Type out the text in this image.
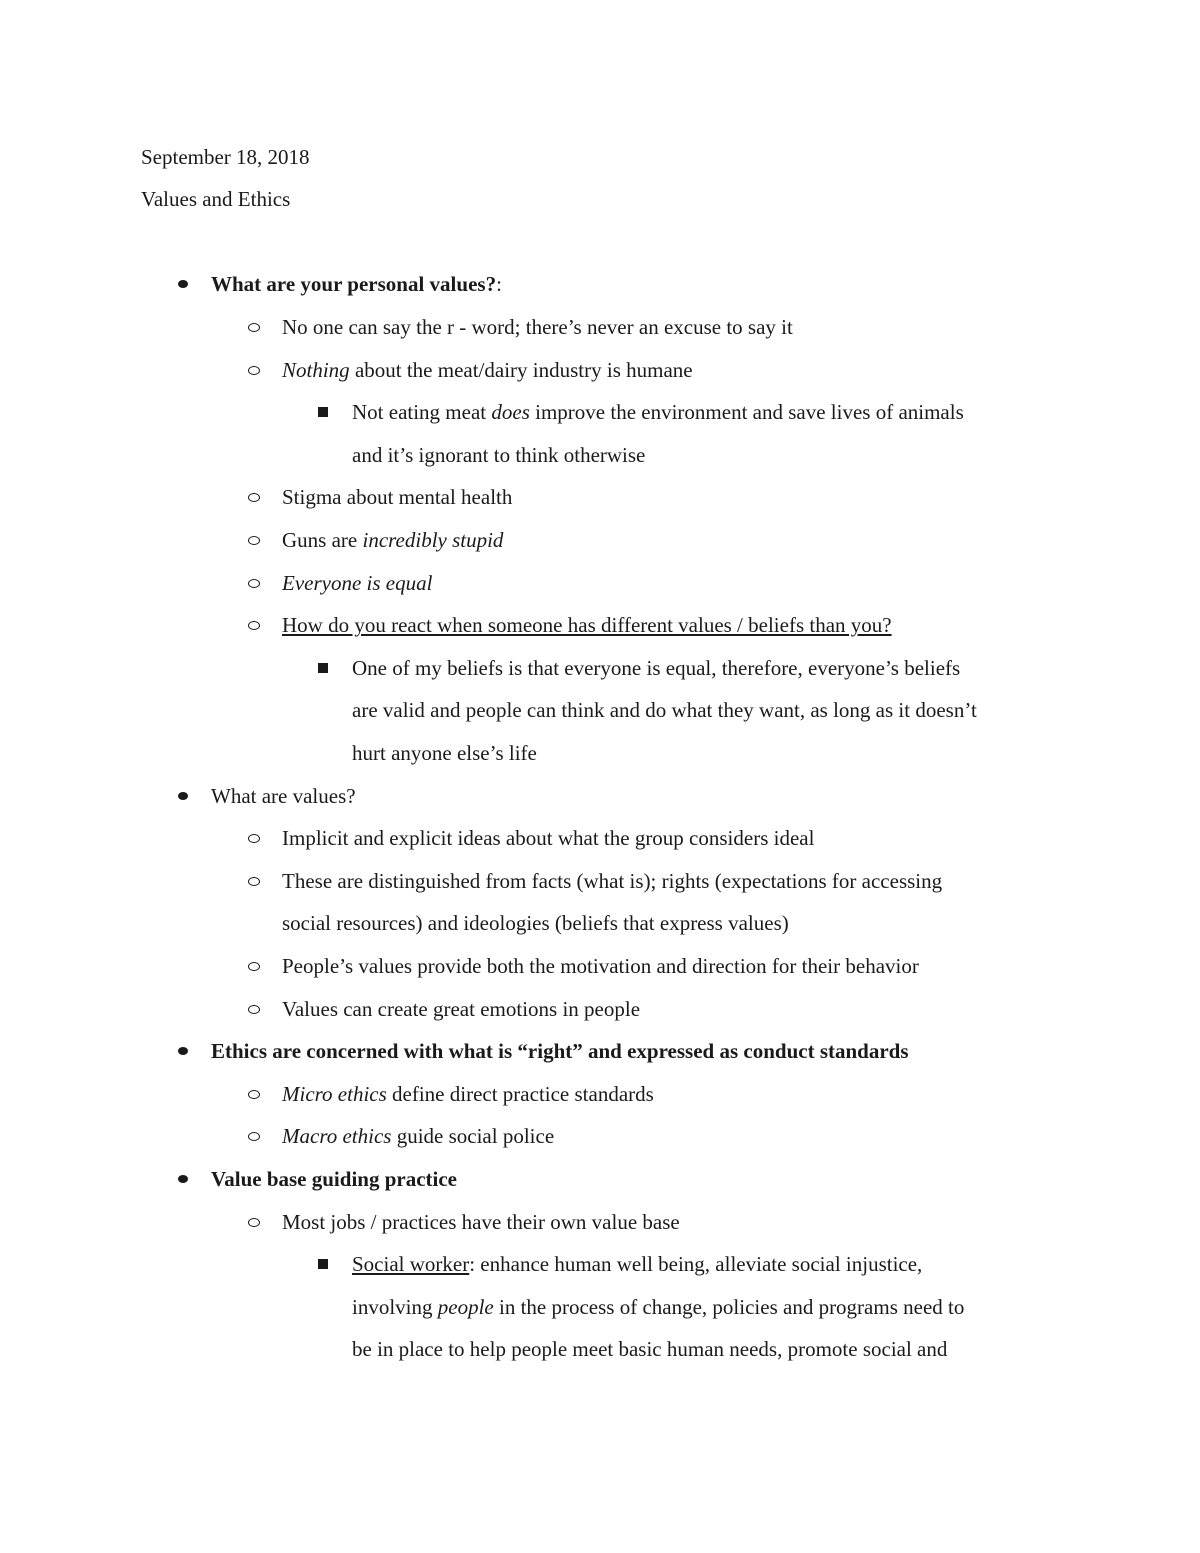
September 18, 2018
Values and Ethics
What are your personal values?:
No one can say the r - word; there’s never an excuse to say it
Nothing about the meat/dairy industry is humane
Not eating meat does improve the environment and save lives of animals
and it’s ignorant to think otherwise
Stigma about mental health
Guns are incredibly stupid
Everyone is equal
How do you react when someone has different values / beliefs than you?
One of my beliefs is that everyone is equal, therefore, everyone’s beliefs
are valid and people can think and do what they want, as long as it doesn’t
hurt anyone else’s life
What are values?
Implicit and explicit ideas about what the group considers ideal
These are distinguished from facts (what is); rights (expectations for accessing
social resources) and ideologies (beliefs that express values)
People’s values provide both the motivation and direction for their behavior
Values can create great emotions in people
Ethics are concerned with what is “right” and expressed as conduct standards
Micro ethics define direct practice standards
Macro ethics guide social police
Value base guiding practice
Most jobs / practices have their own value base
Social worker: enhance human well being, alleviate social injustice,
involving people in the process of change, policies and programs need to
be in place to help people meet basic human needs, promote social and
